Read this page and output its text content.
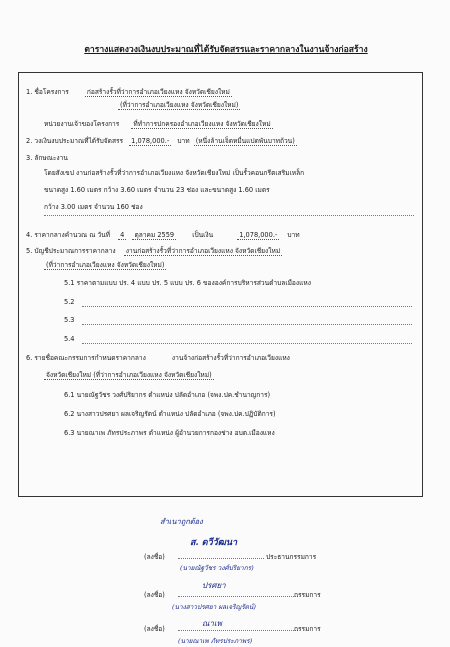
ตารางแสดงวงเงินงบประมาณที่ได้รับจัดสรรและราคากลางในงานจ้างก่อสร้าง
1. ชื่อโครงการ	ก่อสร้างรั้วที่ว่าการอำเภอเวียงแหง จังหวัดเชียงใหม่
(ที่ว่าการอำเภอเวียงแหง จังหวัดเชียงใหม่)
หน่วยงานเจ้าของโครงการ ที่ทำการปกครองอำเภอเวียงแหง จังหวัดเชียงใหม่
2. วงเงินงบประมาณที่ได้รับจัดสรร 1,078,000.- บาท (หนึ่งล้านเจ็ดหมื่นแปดพันบาทถ้วน)
3. ลักษณะงาน
โดยสังเขป งานก่อสร้างรั้วที่ว่าการอำเภอเวียงแหง จังหวัดเชียงใหม่ เป็นรั้วคอนกรีตเสริมเหล็ก
ขนาดสูง 1.60 เมตร กว้าง 3.60 เมตร จำนวน 23 ช่อง และขนาดสูง 1.60 เมตร
กว้าง 3.00 เมตร จำนวน 160 ช่อง
4. ราคากลางคำนวณ ณ วันที่ 4 ตุลาคม 2559	เป็นเงิน	1,078,000.- บาท
5. บัญชีประมาณการราคากลาง งานก่อสร้างรั้วที่ว่าการอำเภอเวียงแหง จังหวัดเชียงใหม่
(ที่ว่าการอำเภอเวียงแหง จังหวัดเชียงใหม่)
5.1 ราคาตามแบบ ปร. 4 แบบ ปร. 5 แบบ ปร. 6 ขององค์การบริหารส่วนตำบลเมืองแหง
5.2
5.3
5.4
6. รายชื่อคณะกรรมการกำหนดราคากลาง	งานจ้างก่อสร้างรั้วที่ว่าการอำเภอเวียงแหง
จังหวัดเชียงใหม่ (ที่ว่าการอำเภอเวียงแหง จังหวัดเชียงใหม่)
6.1 นายณัฐวัชร วงศ์ปริยากร ตำแหน่ง ปลัดอำเภอ (จพง.ปค.ชำนาญการ)
6.2 นางสาวปรศยา ผลเจริญรัตน์ ตำแหน่ง ปลัดอำเภอ (จพง.ปค.ปฏิบัติการ)
6.3 นายณาเพ ภัทรประภาพร ตำแหน่ง ผู้อำนวยการกองช่าง อบต.เมืองแหง
สำเนาถูกต้อง
ส. ดวีวัฒนา
(ลงชื่อ)	ประธานกรรมการ
(นายณัฐวัชร วงศ์ปริยากร)
ปรศยา
(ลงชื่อ)	กรรมการ
(นางสาวปรศยา ผลเจริญรัตน์)
ณาเพ
(ลงชื่อ)	กรรมการ
(นายณาเพ ภัทรประภาพร)
